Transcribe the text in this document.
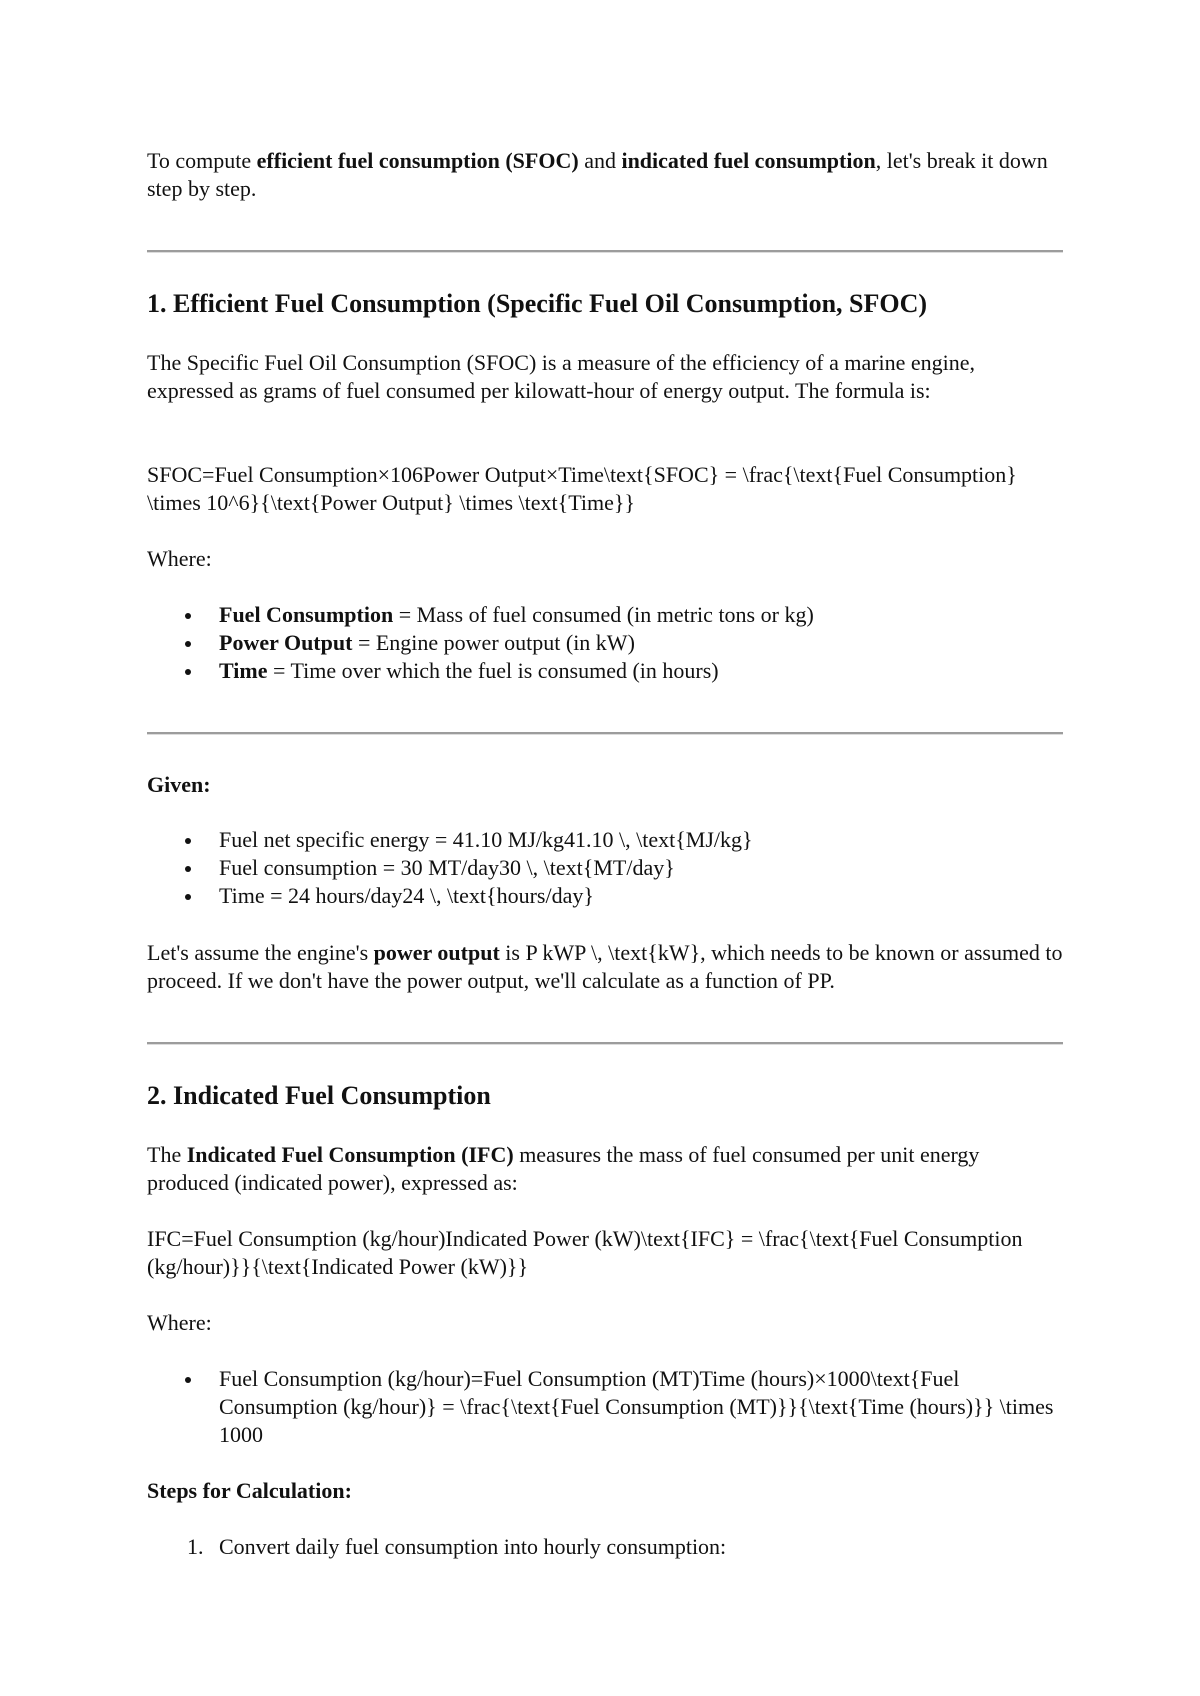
To compute efficient fuel consumption (SFOC) and indicated fuel consumption, let's break it down step by step.

1. Efficient Fuel Consumption (Specific Fuel Oil Consumption, SFOC)

The Specific Fuel Oil Consumption (SFOC) is a measure of the efficiency of a marine engine, expressed as grams of fuel consumed per kilowatt-hour of energy output. The formula is:

SFOC=Fuel Consumption×106Power Output×Time\text{SFOC} = \frac{\text{Fuel Consumption} \times 10^6}{\text{Power Output} \times \text{Time}}

Where:

Fuel Consumption = Mass of fuel consumed (in metric tons or kg)
Power Output = Engine power output (in kW)
Time = Time over which the fuel is consumed (in hours)

Given:

Fuel net specific energy = 41.10 MJ/kg41.10 \, \text{MJ/kg}
Fuel consumption = 30 MT/day30 \, \text{MT/day}
Time = 24 hours/day24 \, \text{hours/day}

Let's assume the engine's power output is P kWP \, \text{kW}, which needs to be known or assumed to proceed. If we don't have the power output, we'll calculate as a function of PP.

2. Indicated Fuel Consumption

The Indicated Fuel Consumption (IFC) measures the mass of fuel consumed per unit energy produced (indicated power), expressed as:

IFC=Fuel Consumption (kg/hour)Indicated Power (kW)\text{IFC} = \frac{\text{Fuel Consumption (kg/hour)}}{\text{Indicated Power (kW)}}

Where:

Fuel Consumption (kg/hour)=Fuel Consumption (MT)Time (hours)×1000\text{Fuel Consumption (kg/hour)} = \frac{\text{Fuel Consumption (MT)}}{\text{Time (hours)}} \times 1000

Steps for Calculation:

1. Convert daily fuel consumption into hourly consumption:
